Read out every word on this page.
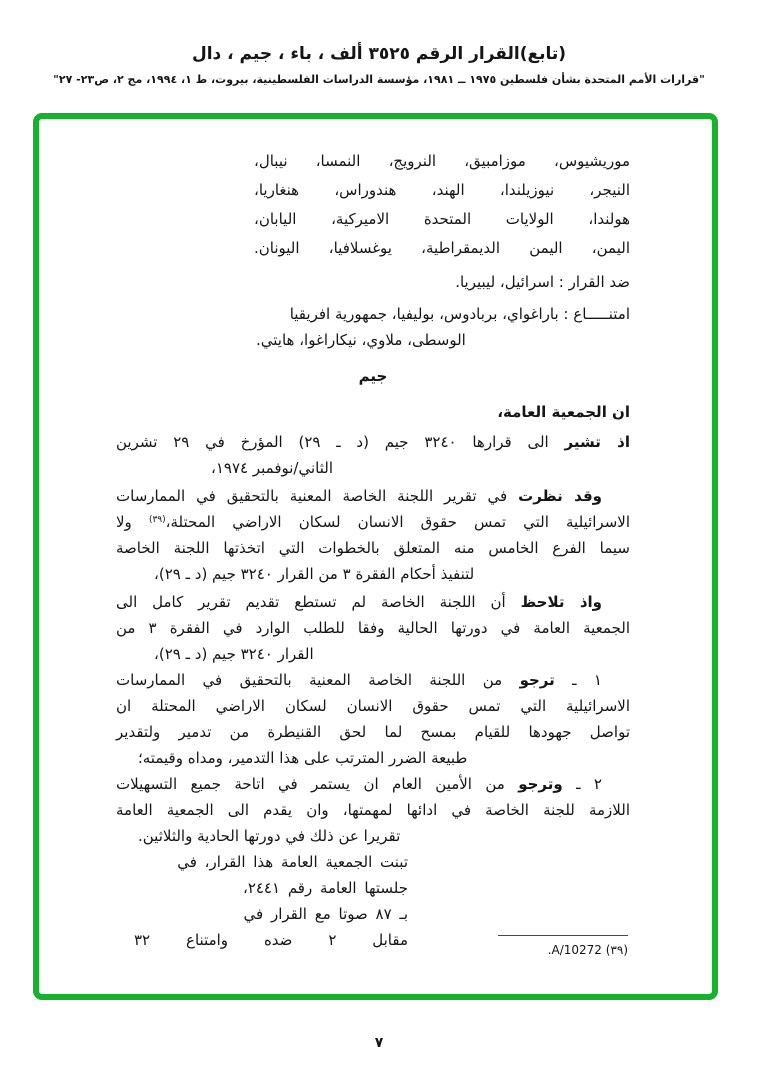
(تابع)القرار الرقم ٣٥٢٥ ألف ، باء ، جيم ، دال
"قرارات الأمم المتحدة بشأن فلسطين ١٩٧٥ ــ ١٩٨١، مؤسسة الدراسات الفلسطينية، بيروت، ط ١، ١٩٩٤، مج ٢، ص٢٣- ٢٧"
موريشيوس، موزامبيق، النرويج، النمسا، نيبال،
النيجر، نيوزيلندا، الهند، هندوراس، هنغاريا،
هولندا، الولايات المتحدة الاميركية، اليابان،
اليمن، اليمن الديمقراطية، يوغسلافيا، اليونان.
ضد القرار : اسرائيل، ليبيريا.
امتنـــــاع : باراغواي، بربادوس، بوليفيا، جمهورية افريقيا
الوسطى، ملاوي، نيكاراغوا، هايتي.
جيم
ان الجمعية العامة،
اذ تشير الى قرارها ٣٢٤٠ جيم (د ـ ٢٩) المؤرخ في ٢٩ تشرين
الثاني/نوفمبر ١٩٧٤،
وقد نظرت في تقرير اللجنة الخاصة المعنية بالتحقيق في الممارسات
الاسرائيلية التي تمس حقوق الانسان لسكان الاراضي المحتلة،$^{(٣٩)}$ ولا
سيما الفرع الخامس منه المتعلق بالخطوات التي اتخذتها اللجنة الخاصة
لتنفيذ أحكام الفقرة ٣ من القرار ٣٢٤٠ جيم (د ـ ٢٩)،
واذ تلاحظ أن اللجنة الخاصة لم تستطع تقديم تقرير كامل الى
الجمعية العامة في دورتها الحالية وفقا للطلب الوارد في الفقرة ٣ من
القرار ٣٢٤٠ جيم (د ـ ٢٩)،
١ ـ ترجو من اللجنة الخاصة المعنية بالتحقيق في الممارسات
الاسرائيلية التي تمس حقوق الانسان لسكان الاراضي المحتلة ان
تواصل جهودها للقيام بمسح لما لحق القنيطرة من تدمير ولتقدير
طبيعة الضرر المترتب على هذا التدمير، ومداه وقيمته؛
٢ ـ وترجو من الأمين العام ان يستمر في اتاحة جميع التسهيلات
اللازمة للجنة الخاصة في ادائها لمهمتها، وان يقدم الى الجمعية العامة
تقريرا عن ذلك في دورتها الحادية والثلاثين.
تبنت الجمعية العامة هذا القرار، في
جلستها العامة رقم ٢٤٤١،
بـ ٨٧ صوتا مع القرار في
مقابل ٢ ضده وامتناع ٣٢
(٣٩) A/10272.
٧
